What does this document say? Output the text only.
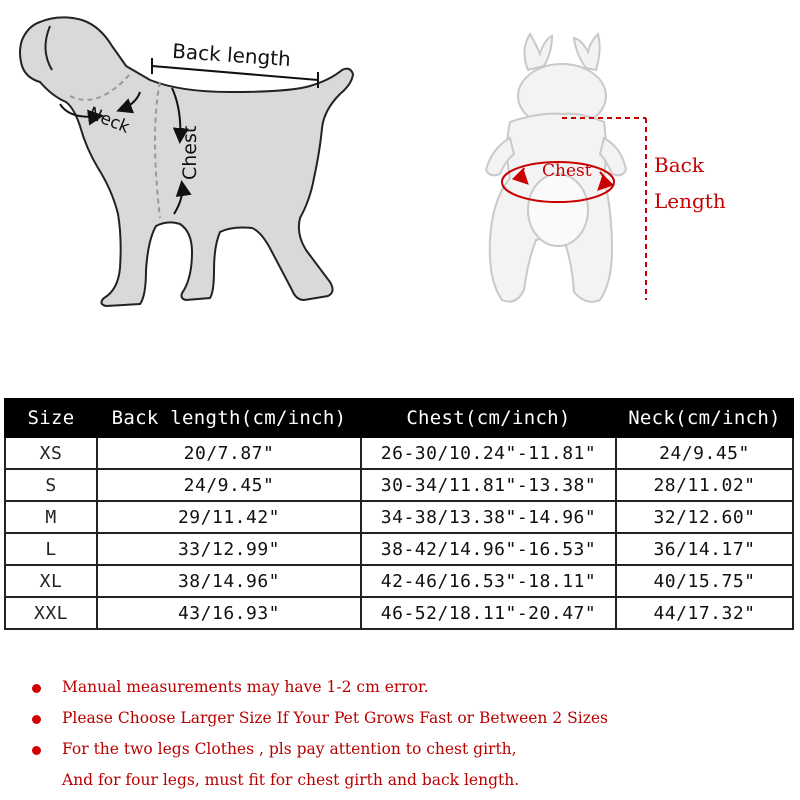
Back length
Neck
Chest	Chest	Back
Length
Size	Back length(cm/inch)	Chest(cm/inch)	Neck(cm/inch)
XS	20/7.87"	26-30/10.24"-11.81"	24/9.45"
S	24/9.45"	30-34/11.81"-13.38"	28/11.02"
M	29/11.42"	34-38/13.38"-14.96"	32/12.60"
L	33/12.99"	38-42/14.96"-16.53"	36/14.17"
XL	38/14.96"	42-46/16.53"-18.11"	40/15.75"
XXL	43/16.93"	46-52/18.11"-20.47"	44/17.32"
Manual measurements may have 1-2 cm error.
Please Choose Larger Size If Your Pet Grows Fast or Between 2 Sizes
For the two legs Clothes , pls pay attention to chest girth,
And for four legs, must fit for chest girth and back length.
